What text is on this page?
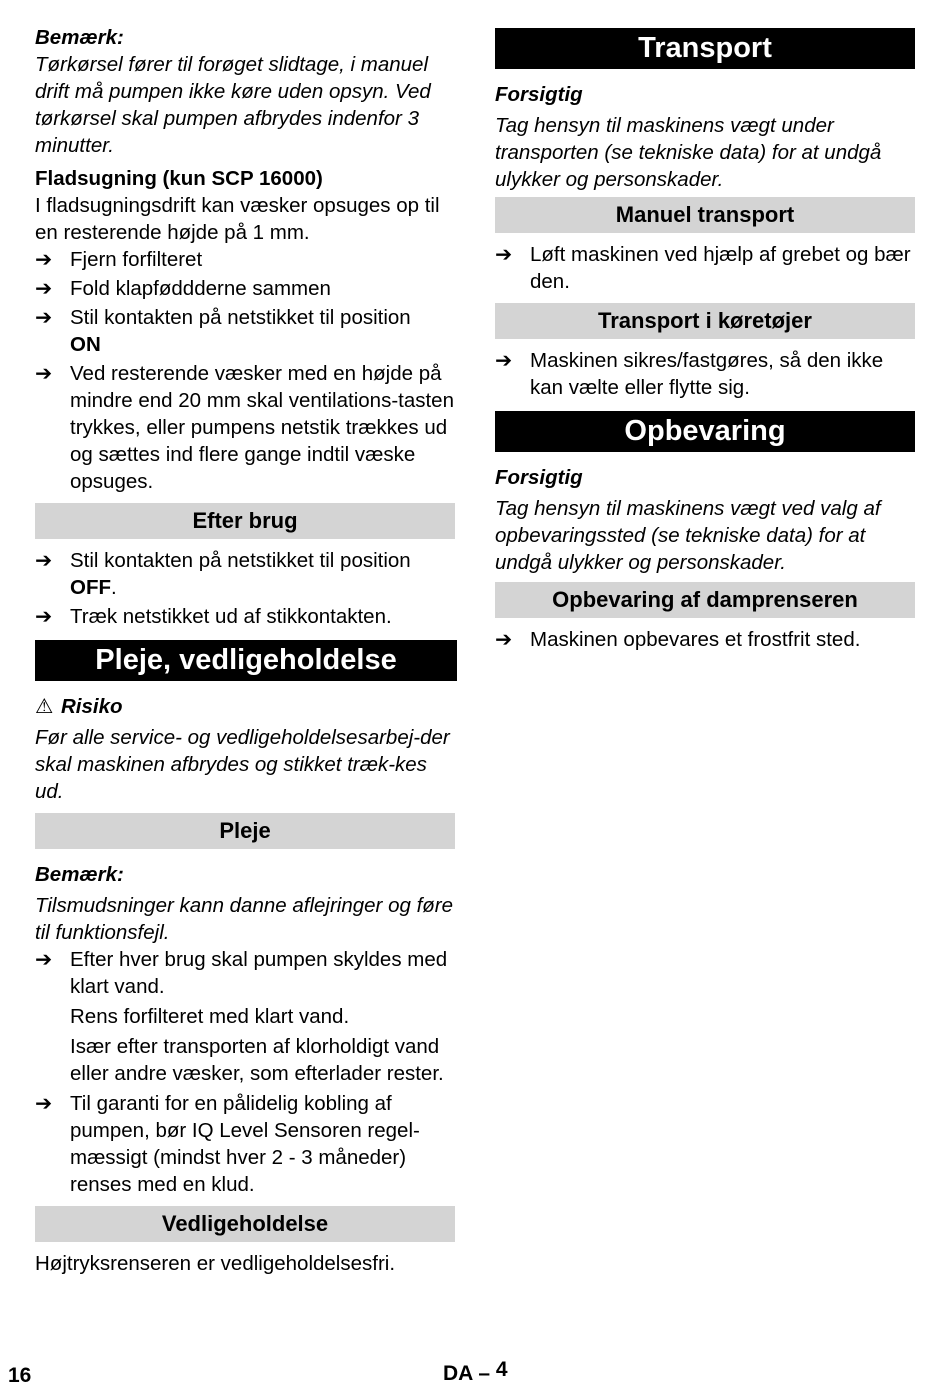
Bemærk:
Tørkørsel fører til forøget slidtage, i manuel drift må pumpen ikke køre uden opsyn. Ved tørkørsel skal pumpen afbrydes indenfor 3 minutter.
Fladsugning (kun SCP 16000)
I fladsugningsdrift kan væsker opsuges op til en resterende højde på 1 mm.
➔ Fjern forfilteret
➔ Fold klapføddderne sammen
➔ Stil kontakten på netstikket til position
ON
➔ Ved resterende væsker med en højde på mindre end 20 mm skal ventilations-tasten trykkes, eller pumpens netstik trækkes ud og sættes ind flere gange indtil væske opsuges.
Efter brug
➔ Stil kontakten på netstikket til position
OFF.
➔ Træk netstikket ud af stikkontakten.
Pleje, vedligeholdelse
⚠ Risiko
Før alle service- og vedligeholdelsesarbej-der skal maskinen afbrydes og stikket træk-kes ud.
Pleje
Bemærk:
Tilsmudsninger kann danne aflejringer og føre til funktionsfejl.
➔ Efter hver brug skal pumpen skyldes med klart vand.
Rens forfilteret med klart vand.
Især efter transporten af klorholdigt vand eller andre væsker, som efterlader rester.
➔ Til garanti for en pålidelig kobling af pumpen, bør IQ Level Sensoren regel-mæssigt (mindst hver 2 - 3 måneder) renses med en klud.
Vedligeholdelse
Højtryksrenseren er vedligeholdelsesfri.
Transport
Forsigtig
Tag hensyn til maskinens vægt under transporten (se tekniske data) for at undgå ulykker og personskader.
Manuel transport
➔ Løft maskinen ved hjælp af grebet og bær den.
Transport i køretøjer
➔ Maskinen sikres/fastgøres, så den ikke kan vælte eller flytte sig.
Opbevaring
Forsigtig
Tag hensyn til maskinens vægt ved valg af opbevaringssted (se tekniske data) for at undgå ulykker og personskader.
Opbevaring af damprenseren
➔ Maskinen opbevares et frostfrit sted.
16	DA – 4
